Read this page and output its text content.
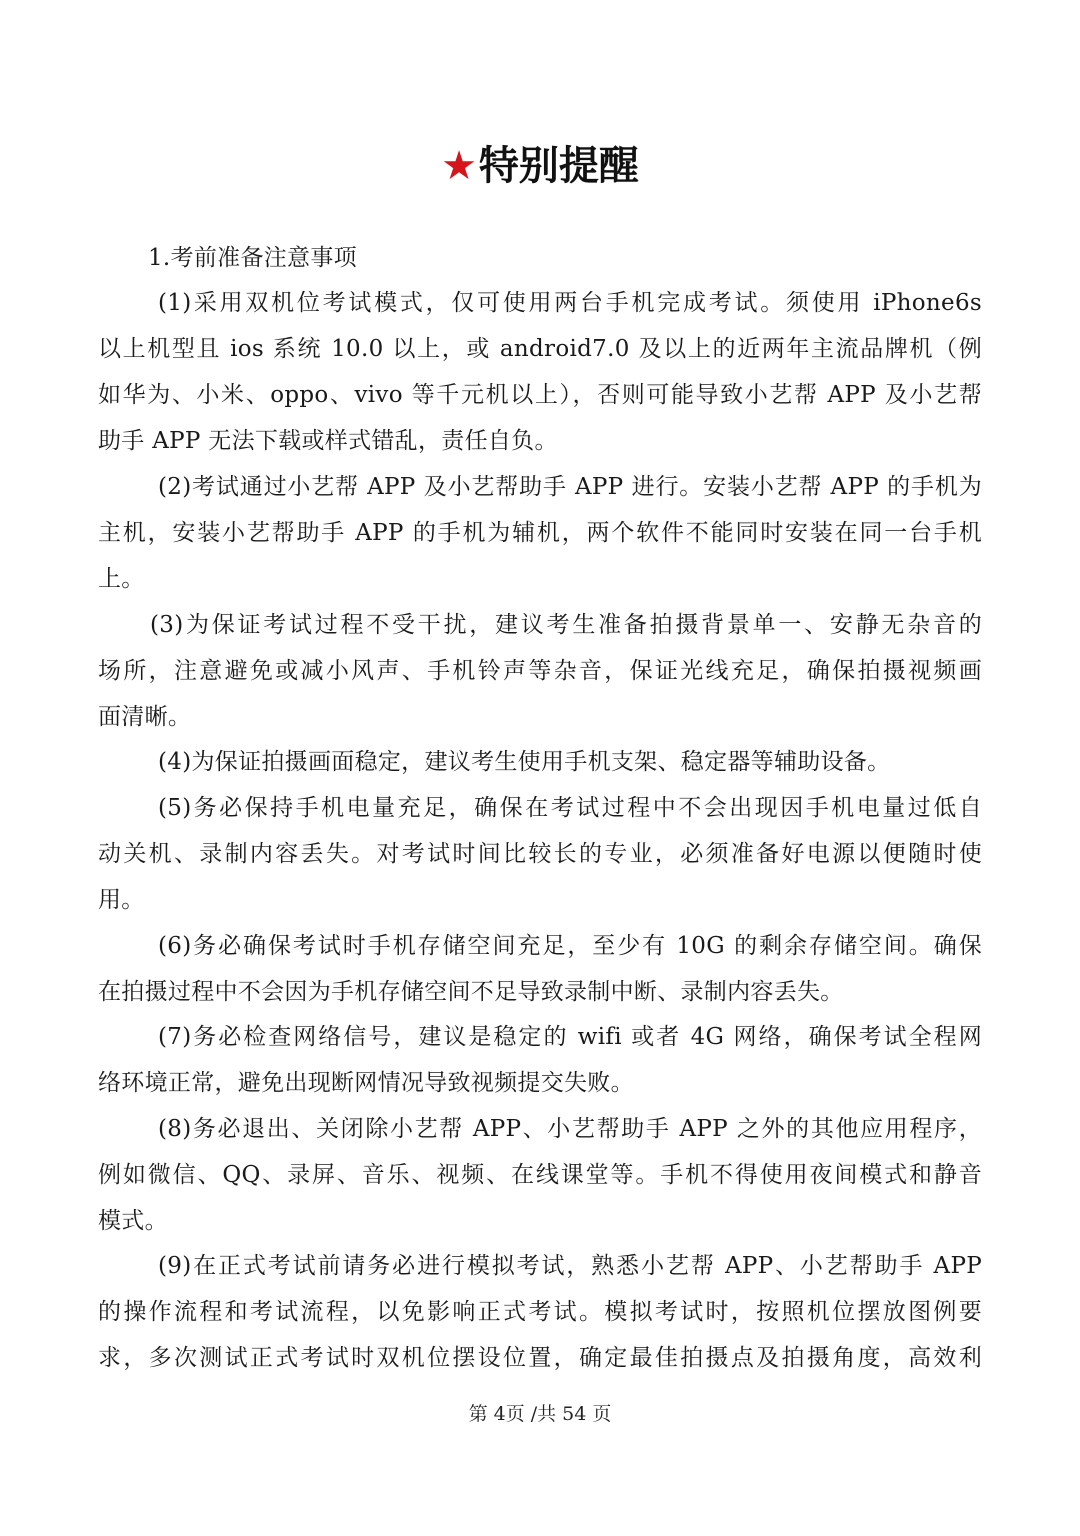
★特别提醒
1.考前准备注意事项
(1)采用双机位考试模式，仅可使用两台手机完成考试。须使用 iPhone6s
以上机型且 ios 系统 10.0 以上，或 android7.0 及以上的近两年主流品牌机（例
如华为、小米、oppo、vivo 等千元机以上），否则可能导致小艺帮 APP 及小艺帮
助手 APP 无法下载或样式错乱，责任自负。
(2)考试通过小艺帮 APP 及小艺帮助手 APP 进行。安装小艺帮 APP 的手机为
主机，安装小艺帮助手 APP 的手机为辅机，两个软件不能同时安装在同一台手机
上。
(3)为保证考试过程不受干扰，建议考生准备拍摄背景单一、安静无杂音的
场所，注意避免或减小风声、手机铃声等杂音，保证光线充足，确保拍摄视频画
面清晰。
(4)为保证拍摄画面稳定，建议考生使用手机支架、稳定器等辅助设备。
(5)务必保持手机电量充足，确保在考试过程中不会出现因手机电量过低自
动关机、录制内容丢失。对考试时间比较长的专业，必须准备好电源以便随时使
用。
(6)务必确保考试时手机存储空间充足，至少有 10G 的剩余存储空间。确保
在拍摄过程中不会因为手机存储空间不足导致录制中断、录制内容丢失。
(7)务必检查网络信号，建议是稳定的 wifi 或者 4G 网络，确保考试全程网
络环境正常，避免出现断网情况导致视频提交失败。
(8)务必退出、关闭除小艺帮 APP、小艺帮助手 APP 之外的其他应用程序，
例如微信、QQ、录屏、音乐、视频、在线课堂等。手机不得使用夜间模式和静音
模式。
(9)在正式考试前请务必进行模拟考试，熟悉小艺帮 APP、小艺帮助手 APP
的操作流程和考试流程，以免影响正式考试。模拟考试时，按照机位摆放图例要
求，多次测试正式考试时双机位摆设位置，确定最佳拍摄点及拍摄角度，高效利
第 4页 /共 54 页
